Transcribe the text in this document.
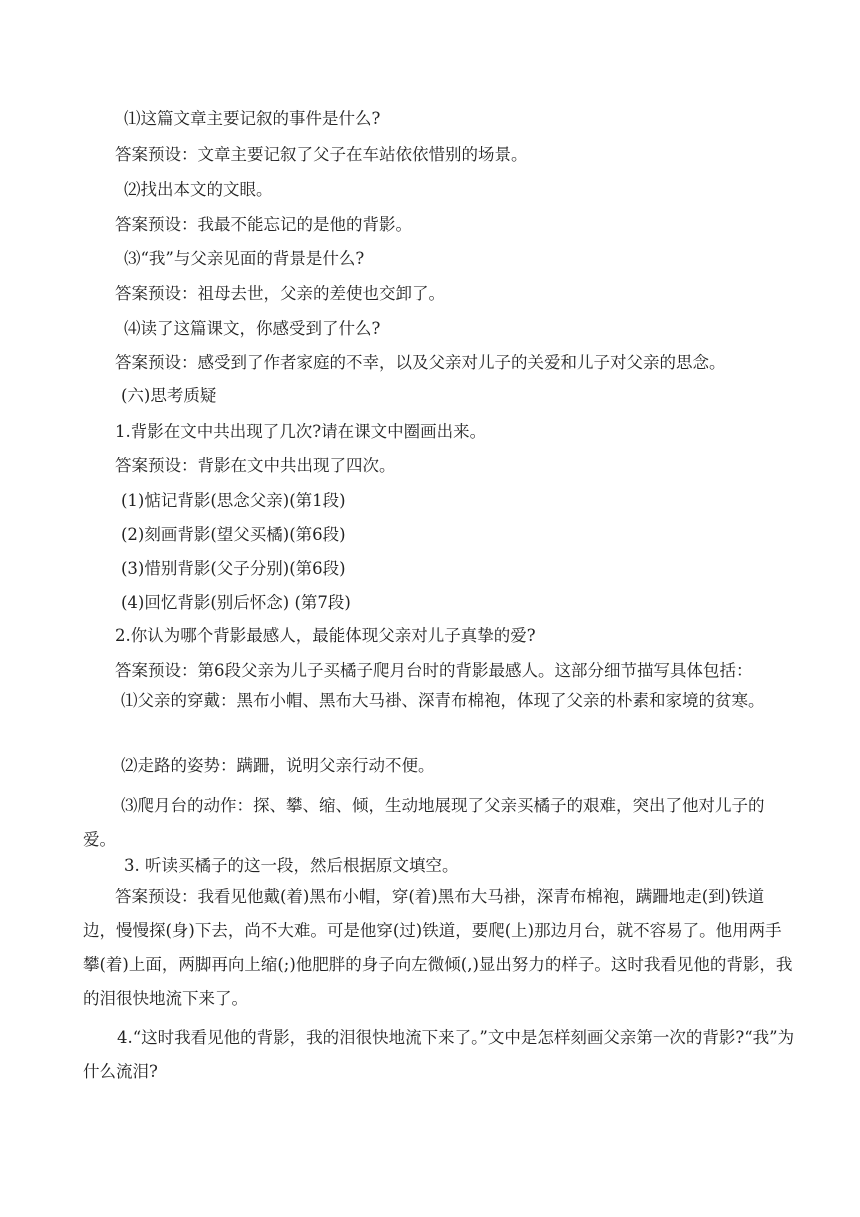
⑴这篇文章主要记叙的事件是什么?
答案预设：文章主要记叙了父子在车站依依惜别的场景。
⑵找出本文的文眼。
答案预设：我最不能忘记的是他的背影。
⑶“我”与父亲见面的背景是什么?
答案预设：祖母去世，父亲的差使也交卸了。
⑷读了这篇课文，你感受到了什么?
答案预设：感受到了作者家庭的不幸，以及父亲对儿子的关爱和儿子对父亲的思念。
(六)思考质疑
1.背影在文中共出现了几次?请在课文中圈画出来。
答案预设：背影在文中共出现了四次。
(1)惦记背影(思念父亲)(第1段)
(2)刻画背影(望父买橘)(第6段)
(3)惜别背影(父子分别)(第6段)
(4)回忆背影(别后怀念) (第7段)
2.你认为哪个背影最感人，最能体现父亲对儿子真挚的爱?
答案预设：第6段父亲为儿子买橘子爬月台时的背影最感人。这部分细节描写具体包括：
⑴父亲的穿戴：黑布小帽、黑布大马褂、深青布棉袍，体现了父亲的朴素和家境的贫寒。
⑵走路的姿势：蹒跚，说明父亲行动不便。
⑶爬月台的动作：探、攀、缩、倾，生动地展现了父亲买橘子的艰难，突出了他对儿子的爱。
3. 听读买橘子的这一段，然后根据原文填空。
答案预设：我看见他戴(着)黑布小帽，穿(着)黑布大马褂，深青布棉袍，蹒跚地走(到)铁道边，慢慢探(身)下去，尚不大难。可是他穿(过)铁道，要爬(上)那边月台，就不容易了。他用两手攀(着)上面，两脚再向上缩(;)他肥胖的身子向左微倾(,)显出努力的样子。这时我看见他的背影，我的泪很快地流下来了。
4.“这时我看见他的背影，我的泪很快地流下来了。”文中是怎样刻画父亲第一次的背影?“我”为什么流泪?
